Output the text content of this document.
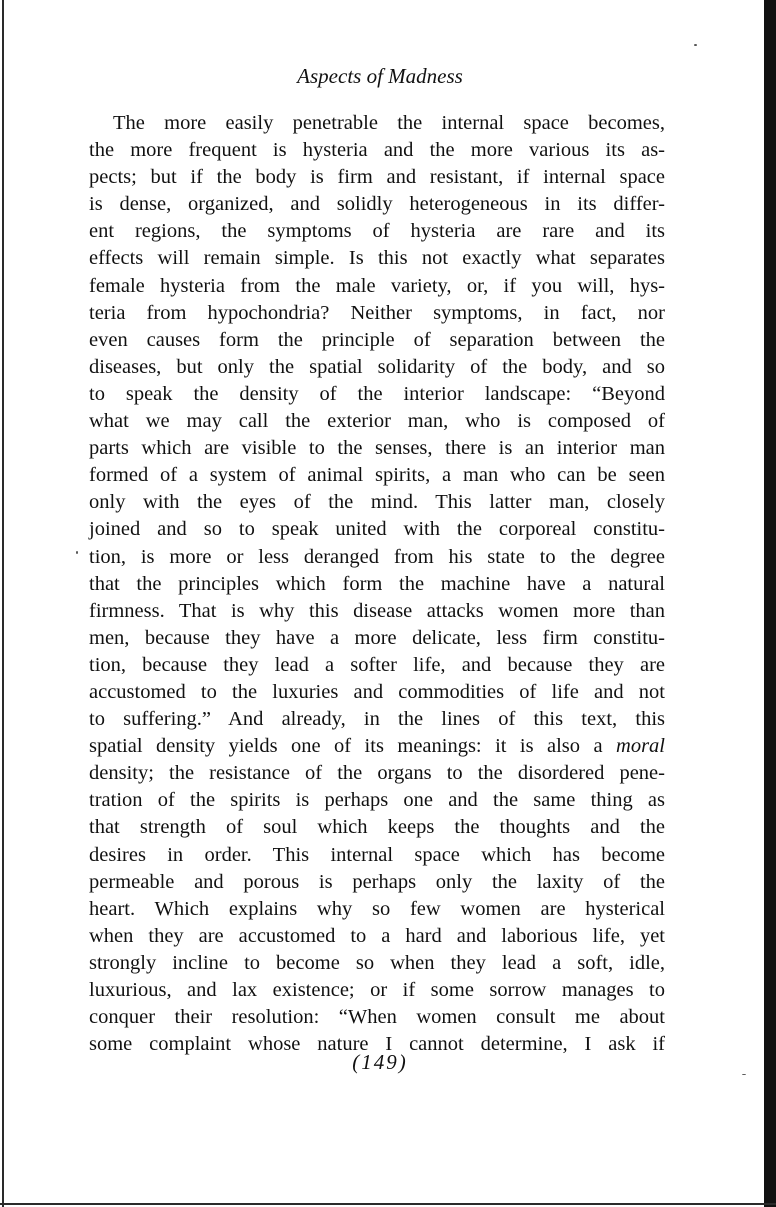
Aspects of Madness
The more easily penetrable the internal space becomes,
the more frequent is hysteria and the more various its as-
pects; but if the body is firm and resistant, if internal space
is dense, organized, and solidly heterogeneous in its differ-
ent regions, the symptoms of hysteria are rare and its
effects will remain simple. Is this not exactly what separates
female hysteria from the male variety, or, if you will, hys-
teria from hypochondria? Neither symptoms, in fact, nor
even causes form the principle of separation between the
diseases, but only the spatial solidarity of the body, and so
to speak the density of the interior landscape: “Beyond
what we may call the exterior man, who is composed of
parts which are visible to the senses, there is an interior man
formed of a system of animal spirits, a man who can be seen
only with the eyes of the mind. This latter man, closely
joined and so to speak united with the corporeal constitu-
tion, is more or less deranged from his state to the degree
that the principles which form the machine have a natural
firmness. That is why this disease attacks women more than
men, because they have a more delicate, less firm constitu-
tion, because they lead a softer life, and because they are
accustomed to the luxuries and commodities of life and not
to suffering.” And already, in the lines of this text, this
spatial density yields one of its meanings: it is also a moral
density; the resistance of the organs to the disordered pene-
tration of the spirits is perhaps one and the same thing as
that strength of soul which keeps the thoughts and the
desires in order. This internal space which has become
permeable and porous is perhaps only the laxity of the
heart. Which explains why so few women are hysterical
when they are accustomed to a hard and laborious life, yet
strongly incline to become so when they lead a soft, idle,
luxurious, and lax existence; or if some sorrow manages to
conquer their resolution: “When women consult me about
some complaint whose nature I cannot determine, I ask if
(149)
